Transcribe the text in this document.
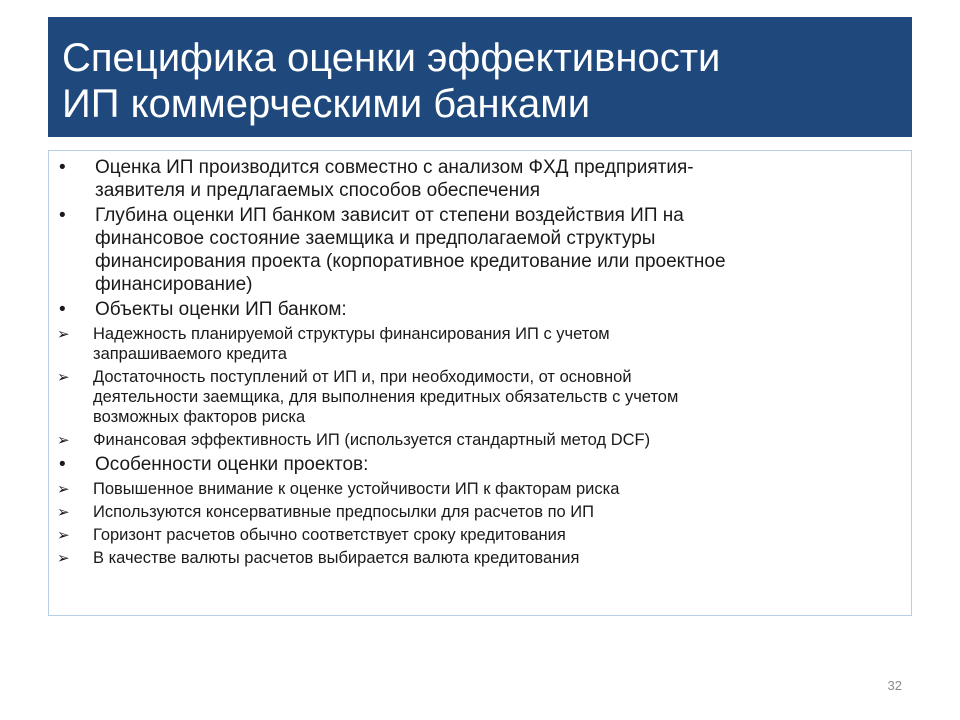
Специфика оценки эффективности
ИП коммерческими банками
• Оценка ИП производится совместно с анализом ФХД предприятия-
заявителя и предлагаемых способов обеспечения
• Глубина оценки ИП банком зависит от степени воздействия ИП на
финансовое состояние заемщика и предполагаемой структуры
финансирования проекта (корпоративное кредитование или проектное
финансирование)
• Объекты оценки ИП банком:
➢ Надежность планируемой структуры финансирования ИП с учетом
запрашиваемого кредита
➢ Достаточность поступлений от ИП и, при необходимости, от основной
деятельности заемщика, для выполнения кредитных обязательств с учетом
возможных факторов риска
➢ Финансовая эффективность ИП (используется стандартный метод DCF)
• Особенности оценки проектов:
➢ Повышенное внимание к оценке устойчивости ИП к факторам риска
➢ Используются консервативные предпосылки для расчетов по ИП
➢ Горизонт расчетов обычно соответствует сроку кредитования
➢ В качестве валюты расчетов выбирается валюта кредитования
32
